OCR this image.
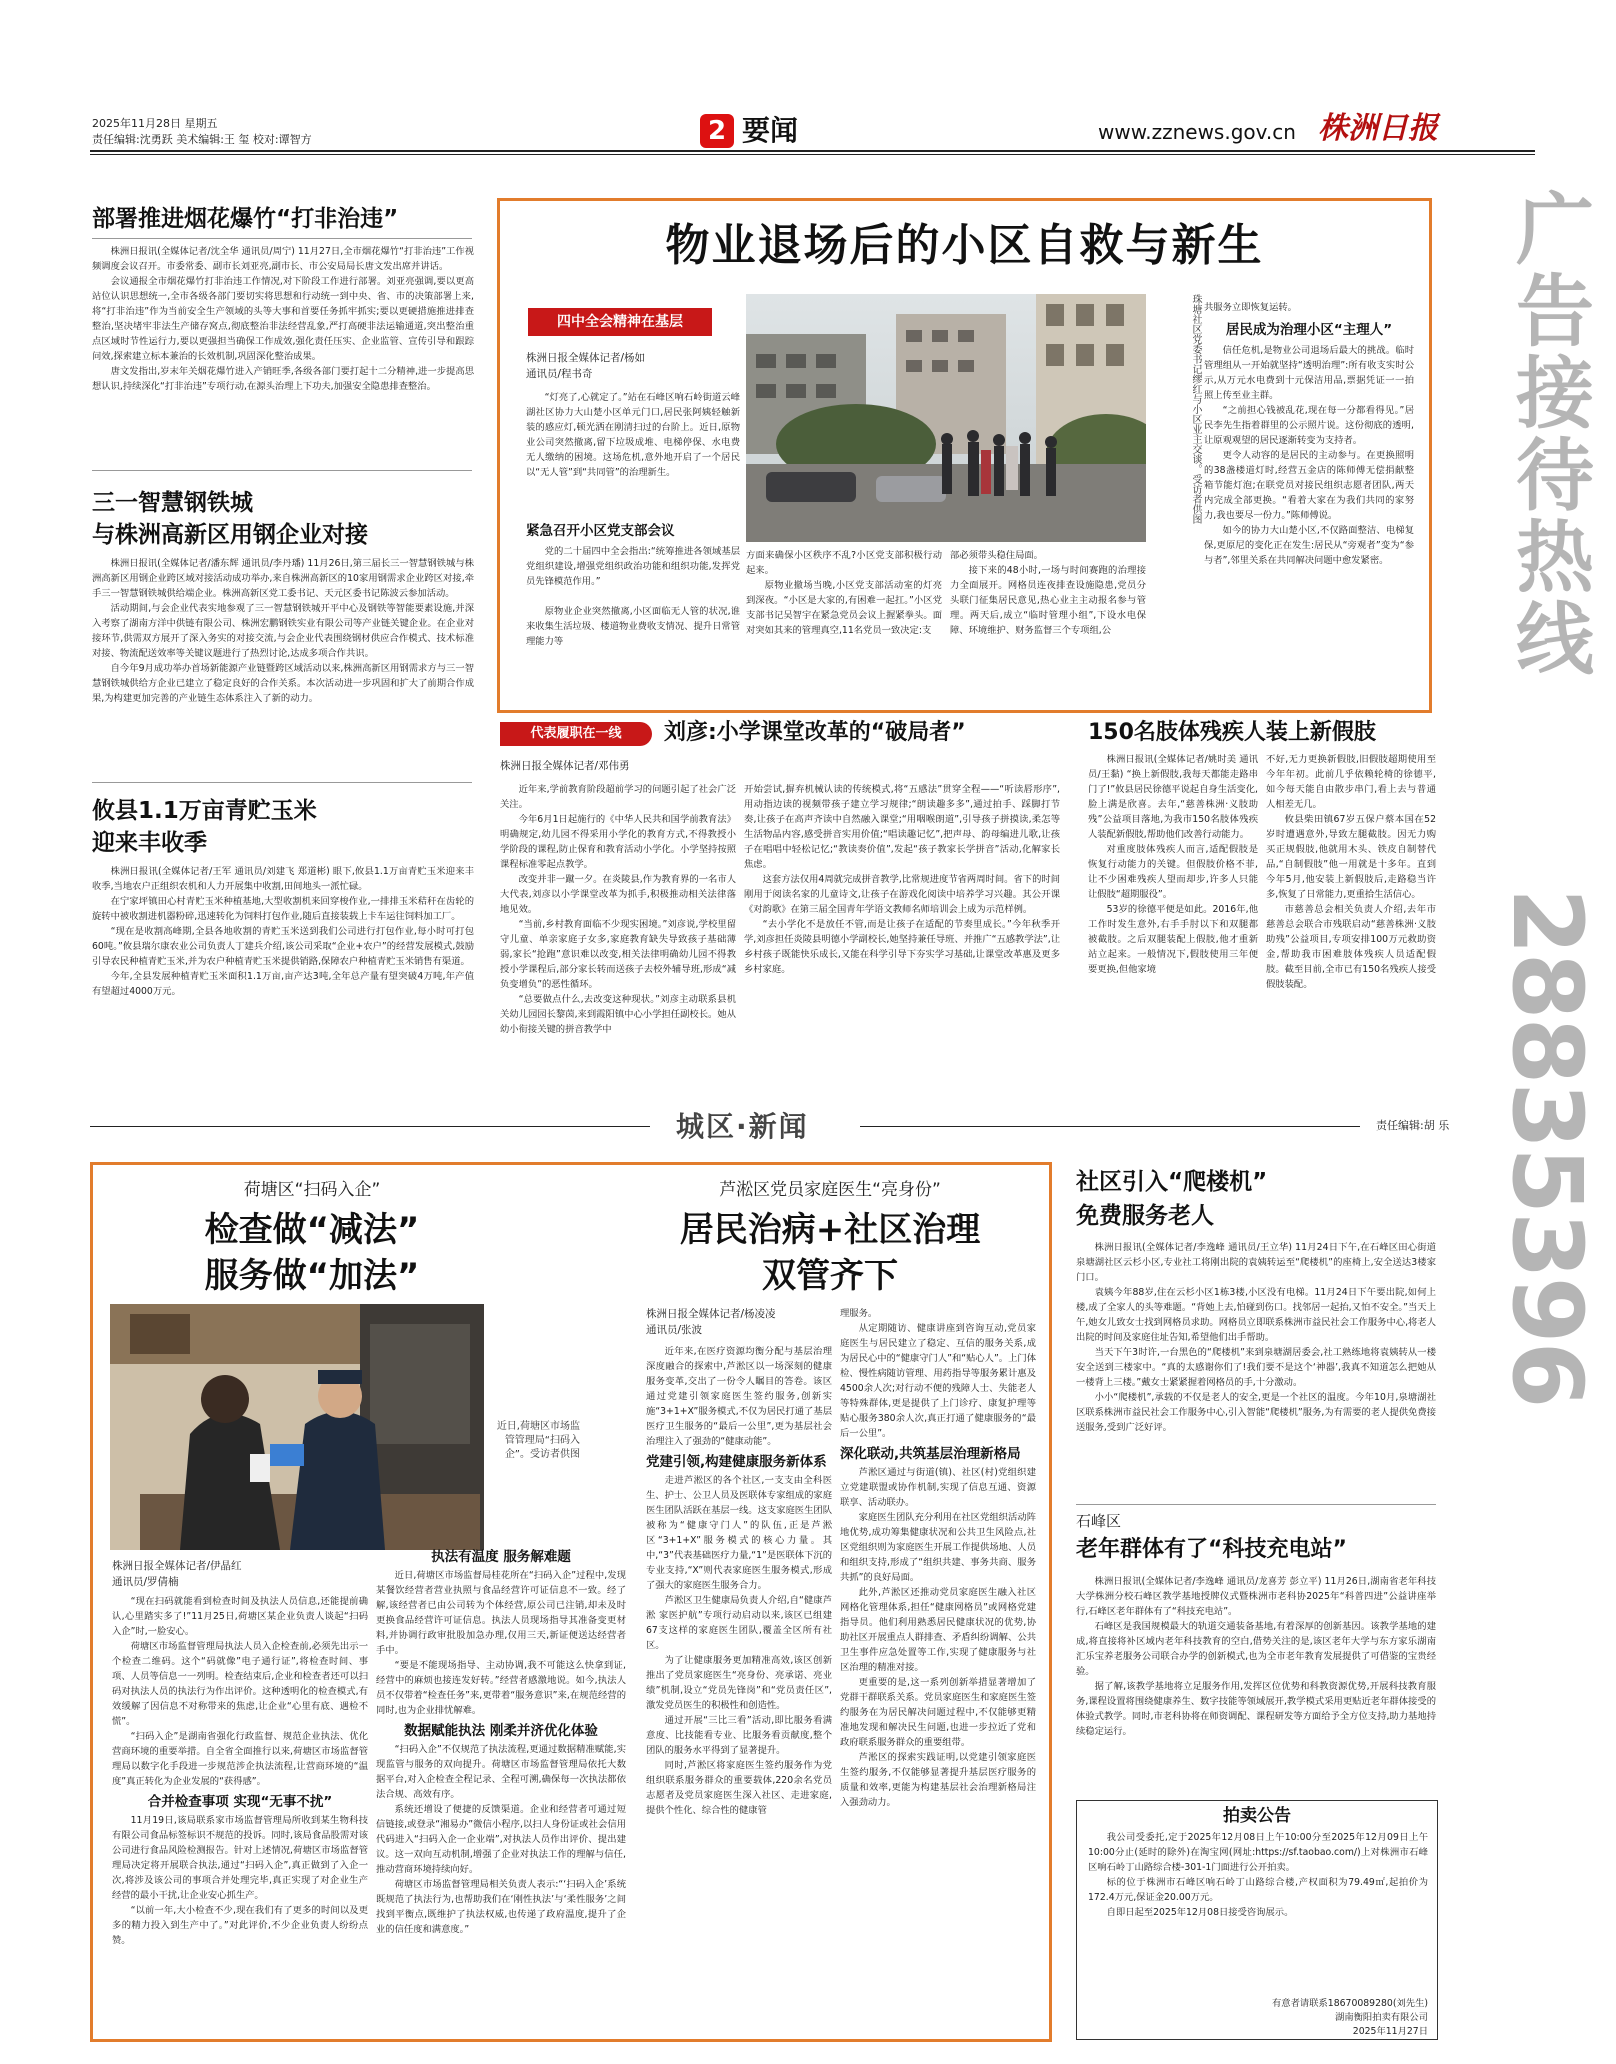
2025年11月28日 星期五
责任编辑:沈勇跃 美术编辑:王 玺 校对:谭智方	2 要闻	www.zznews.gov.cn 株洲日报
广告接待热线
28835396
部署推进烟花爆竹“打非治违”

株洲日报讯(全媒体记者/沈全华 通讯员/周宁) 11月27日,全市烟花爆竹“打非治违”工作视频调度会议召开。市委常委、副市长刘亚亮,副市长、市公安局局长唐文发出席并讲话。

会议通报全市烟花爆竹打非治违工作情况,对下阶段工作进行部署。刘亚亮强调,要以更高站位认识思想统一,全市各级各部门要切实将思想和行动统一到中央、省、市的决策部署上来,将“打非治违”作为当前安全生产领域的头等大事和首要任务抓牢抓实;要以更硬措施推进排查整治,坚决堵牢非法生产储存窝点,彻底整治非法经营乱象,严打高硬非法运输通道,突出整治重点区域时节性运行力,要以更强担当确保工作成效,强化责任压实、企业监管、宣传引导和跟踪问效,探索建立标本兼治的长效机制,巩固深化整治成果。

唐文发指出,岁末年关烟花爆竹进入产销旺季,各级各部门要打起十二分精神,进一步提高思想认识,持续深化“打非治违”专项行动,在源头治理上下功夫,加强安全隐患排查整治。

三一智慧钢铁城
与株洲高新区用钢企业对接

株洲日报讯(全媒体记者/潘东辉 通讯员/李丹璠) 11月26日,第三届长三一智慧钢铁城与株洲高新区用钢企业跨区域对接活动成功举办,来自株洲高新区的10家用钢需求企业跨区对接,牵手三一智慧钢铁城供给端企业。株洲高新区党工委书记、天元区委书记陈波云参加活动。

活动期间,与会企业代表实地参观了三一智慧钢铁城开平中心及钢铁等智能要素设施,并深入考察了湖南方洋中供链有限公司、株洲宏鹏钢铁实业有限公司等产业链关键企业。在企业对接环节,供需双方展开了深入务实的对接交流,与会企业代表围绕钢材供应合作模式、技术标准对接、物流配送效率等关键议题进行了热烈讨论,达成多项合作共识。

自今年9月成功举办首场新能源产业链暨跨区域活动以来,株洲高新区用钢需求方与三一智慧钢铁城供给方企业已建立了稳定良好的合作关系。本次活动进一步巩固和扩大了前期合作成果,为构建更加完善的产业链生态体系注入了新的动力。

攸县1.1万亩青贮玉米
迎来丰收季

株洲日报讯(全媒体记者/王军 通讯员/刘建飞 郑道彬) 眼下,攸县1.1万亩青贮玉米迎来丰收季,当地农户正组织农机和人力开展集中收割,田间地头一派忙碌。

在宁家坪镇田心村青贮玉米种植基地,大型收割机来回穿梭作业,一排排玉米秸秆在齿轮的旋转中被收割进机器粉碎,迅速转化为饲料打包作业,随后直接装载上卡车运往饲料加工厂。

“现在是收割高峰期,全县各地收割的青贮玉米送到我们公司进行打包作业,每小时可打包60吨。”攸县瑞尔康农业公司负责人丁建兵介绍,该公司采取“企业+农户”的经营发展模式,鼓励引导农民种植青贮玉米,并为农户种植青贮玉米提供销路,保障农户种植青贮玉米销售有渠道。

今年,全县发展种植青贮玉米面积1.1万亩,亩产达3吨,全年总产量有望突破4万吨,年产值有望超过4000万元。

物业退场后的小区自救与新生
四中全会精神在基层
株洲日报全媒体记者/杨如
通讯员/程书奇	珠塘社区党委书记缪红与小区业主交谈。受访者供图

“灯亮了,心就定了。”站在石峰区响石岭街道云峰湖社区协力大山楚小区单元门口,居民张阿姨轻触新装的感应灯,顿光洒在刚清扫过的台阶上。近日,原物业公司突然撤离,留下垃圾成堆、电梯停保、水电费无人缴纳的困境。这场危机,意外地开启了一个居民以“无人管”到“共同管”的治理新生。

紧急召开小区党支部会议

党的二十届四中全会指出:“统筹推进各领域基层党组织建设,增强党组织政治功能和组织功能,发挥党员先锋模范作用。”

原物业企业突然撤离,小区面临无人管的状况,谁来收集生活垃圾、楼道物业费收支情况、提升日常管理能力等

方面来确保小区秩序不乱?小区党支部积极行动起来。

原物业撤场当晚,小区党支部活动室的灯亮到深夜。“小区是大家的,有困难一起扛。”小区党支部书记吴智宇在紧急党员会议上握紧拳头。面对突如其来的管理真空,11名党员一致决定:支

部必须带头稳住局面。

接下来的48小时,一场与时间赛跑的治理接力全面展开。网格员连夜排查设施隐患,党员分头联门征集居民意见,热心业主主动报名参与管理。两天后,成立“临时管理小组”,下设水电保障、环境维护、财务监督三个专项组,公

共服务立即恢复运转。

居民成为治理小区“主理人”

信任危机,是物业公司退场后最大的挑战。临时管理组从一开始就坚持“透明治理”:所有收支实时公示,从万元水电费到十元保洁用品,票据凭证一一拍照上传至业主群。

“之前担心钱被乱花,现在每一分都看得见。”居民李先生指着群里的公示照片说。这份彻底的透明,让原观观望的居民逐渐转变为支持者。

更令人动容的是居民的主动参与。在更换照明的38盏楼道灯时,经营五金店的陈师傅无偿捐献整箱节能灯泡;在联党员对接民组织志愿者团队,两天内完成全部更换。“看着大家在为我们共同的家努力,我也要尽一份力。”陈师傅说。

如今的协力大山楚小区,不仅路面整洁、电梯复保,更原尼的变化正在发生:居民从“旁观者”变为“参与者”,邻里关系在共同解决问题中愈发紧密。

代表履职在一线	刘彦:小学课堂改革的“破局者”
株洲日报全媒体记者/邓伟勇

近年来,学前教育阶段超前学习的问题引起了社会广泛关注。

今年6月1日起施行的《中华人民共和国学前教育法》明确规定,幼儿园不得采用小学化的教育方式,不得教授小学阶段的课程,防止保育和教育活动小学化。小学坚持按照课程标准零起点教学。

改变并非一蹴一夕。在炎陵县,作为教育界的一名市人大代表,刘彦以小学课堂改革为抓手,积极推动相关法律落地见效。

“当前,乡村教育面临不少现实困境。”刘彦说,学校里留守儿童、单亲家庭子女多,家庭教育缺失导致孩子基础薄弱,家长“抢跑”意识难以改变,相关法律明确幼儿园不得教授小学课程后,部分家长转而送孩子去校外辅导班,形成“减负变增负”的恶性循环。

“总要做点什么,去改变这种现状。”刘彦主动联系县机关幼儿园园长黎茵,来到霞阳镇中心小学担任副校长。她从幼小衔接关键的拼音教学中

开始尝试,摒弃机械认读的传统模式,将“五感法”贯穿全程——“听读唇形序”,用动指边读的视频带孩子建立学习规律;“朗读趣多多”,通过拍手、踩脚打节奏,让孩子在高声齐读中自然融入课堂;“用咽喉朗道”,引导孩子拼摸读,柔怎等生活物品内容,感受拼音实用价值;“唱读趣记忆”,把声母、韵母编进儿歌,让孩子在唱唱中轻松记忆;“教读奏价值”,发起“孩子教家长学拼音”活动,化解家长焦虑。

这套方法仅用4周就完成拼音教学,比常规进度节省两周时间。省下的时间刚用于阅读名家的儿童诗文,让孩子在游戏化阅读中培养学习兴趣。其公开课《对韵歌》在第三届全国青年学语文教师名师培训会上成为示范样例。

“去小学化不是放任不管,而是让孩子在适配的节奏里成长。”今年秋季开学,刘彦担任炎陵县明德小学副校长,她坚持兼任导班、并推广“五感教学法”,让乡村孩子既能快乐成长,又能在科学引导下夯实学习基础,让课堂改革惠及更多乡村家庭。

150名肢体残疾人装上新假肢

株洲日报讯(全媒体记者/姚时美 通讯员/王黏) “换上新假肢,我每天都能走路串门了!”攸县居民徐德平说起自身生活变化,脸上满是欣喜。去年,“慈善株洲·义肢助残”公益项目落地,为我市150名肢体残疾人装配新假肢,帮助他们改善行动能力。

对重度肢体残疾人而言,适配假肢是恢复行动能力的关键。但假肢价格不菲,让不少困难残疾人望而却步,许多人只能让假肢“超期服役”。

53岁的徐德平便是如此。2016年,他工作时发生意外,右手手肘以下和双腿都被截肢。之后双腿装配上假肢,他才重新站立起来。一般情况下,假肢使用三年便要更换,但他家境

不好,无力更换新假肢,旧假肢超期使用至今年年初。此前几乎依赖轮椅的徐德平,如今每天能自由散步串门,看上去与普通人相差无几。

攸县柴田镇67岁五保户蔡本国在52岁时遭遇意外,导致左腿截肢。因无力购买正规假肢,他就用木头、铁皮自制替代品,“自制假肢”他一用就是十多年。直到今年5月,他安装上新假肢后,走路稳当许多,恢复了日常能力,更重拾生活信心。

市慈善总会相关负责人介绍,去年市慈善总会联合市残联启动“慈善株洲·义肢助残”公益项目,专项安排100万元救助资金,帮助我市困难肢体残疾人员适配假肢。截至目前,全市已有150名残疾人接受假肢装配。

城区·新闻	责任编辑:胡 乐
荷塘区“扫码入企”
检查做“减法”
服务做“加法”
近日,荷塘区市场监管管理局“扫码入企”。受访者供图
株洲日报全媒体记者/伊晶红
通讯员/罗倩楠

“现在扫码就能看到检查时间及执法人员信息,还能提前确认,心里踏实多了!”11月25日,荷塘区某企业负责人谈起“扫码入企”时,一脸安心。

荷塘区市场监督管理局执法人员入企检查前,必须先出示一个检查二维码。这个“码就像”电子通行证”,将检查时间、事项、人员等信息一一列明。检查结束后,企业和检查者还可以扫码对执法人员的执法行为作出评价。这种透明化的检查模式,有效缓解了因信息不对称带来的焦虑,让企业“心里有底、遇检不慌”。

“扫码入企”是湖南省强化行政监督、规范企业执法、优化营商环境的重要举措。自全省全面推行以来,荷塘区市场监督管理局以数字化手段进一步规范涉企执法流程,让营商环境的“温度”真正转化为企业发展的“获得感”。

合并检查事项 实现“无事不扰”

11月19日,该局联系家市场监督管理局所收到某生物科技有限公司食品标签标识不规范的投诉。同时,该局食品股需对该公司进行食品风险检测报告。针对上述情况,荷塘区市场监督管理局决定将开展联合执法,通过“扫码入企”,真正做到了入企一次,将涉及该公司的事项合并处理完毕,真正实现了对企业生产经营的最小干扰,让企业安心抓生产。

“以前一年,大小检查不少,现在我们有了更多的时间以及更多的精力投入到生产中了。”对此评价,不少企业负责人纷纷点赞。

执法有温度 服务解难题

近日,荷塘区市场监督局桂花所在“扫码入企”过程中,发现某餐饮经营者营业执照与食品经营许可证信息不一致。经了解,该经营者已由公司转为个体经营,原公司已注销,却未及时更换食品经营许可证信息。执法人员现场指导其准备变更材料,并协调行政审批股加急办理,仅用三天,新证便送达经营者手中。

“要是不能现场指导、主动协调,我不可能这么快拿到证,经营中的麻烦也接连发好转。”经营者感激地说。如今,执法人员不仅带着“检查任务”来,更带着“服务意识”来,在规范经营的同时,也为企业排忧解难。

数据赋能执法 刚柔并济优化体验

“扫码入企”不仅规范了执法流程,更通过数据精准赋能,实现监管与服务的双向提升。荷塘区市场监督管理局依托大数据平台,对入企检查全程记录、全程可溯,确保每一次执法都依法合规、高效有序。

系统还增设了便捷的反馈渠道。企业和经营者可通过短信链接,或登录“湘易办”微信小程序,以扫人身份证或社会信用代码进入“扫码入企一企业端”,对执法人员作出评价、提出建议。这一双向互动机制,增强了企业对执法工作的理解与信任,推动营商环境持续向好。

荷塘区市场监督管理局相关负责人表示:“‘扫码入企’系统既规范了执法行为,也帮助我们在‘刚性执法’与‘柔性服务’之间找到平衡点,既维护了执法权威,也传递了政府温度,提升了企业的信任度和满意度。”

芦淞区党员家庭医生“亮身份”
居民治病+社区治理
双管齐下
株洲日报全媒体记者/杨凌凌
通讯员/张波

近年来,在医疗资源均衡分配与基层治理深度融合的探索中,芦淞区以一场深刻的健康服务变革,交出了一份令人瞩目的答卷。该区通过党建引领家庭医生签约服务,创新实施“3+1+X”服务模式,不仅为居民打通了基层医疗卫生服务的“最后一公里”,更为基层社会治理注入了强劲的“健康动能”。

党建引领,构建健康服务新体系

走进芦淞区的各个社区,一支支由全科医生、护士、公卫人员及医联体专家组成的家庭医生团队活跃在基层一线。这支家庭医生团队被称为“健康守门人”的队伍,正是芦淞区“3+1+X”服务模式的核心力量。其中,“3”代表基础医疗力量,“1”是医联体下沉的专业支持,“X”则代表家庭医生服务模式,形成了强大的家庭医生服务合力。

芦淞区卫生健康局负责人介绍,自“健康芦淞 家医护航”专项行动启动以来,该区已组建67支这样的家庭医生团队,覆盖全区所有社区。

为了让健康服务更加精准高效,该区创新推出了党员家庭医生“亮身份、亮承诺、亮业绩”机制,设立“党员先锋岗”和“党员责任区”,激发党员医生的积极性和创造性。

通过开展“三比三看”活动,即比服务看满意度、比技能看专业、比服务看贡献度,整个团队的服务水平得到了显著提升。

同时,芦淞区将家庭医生签约服务作为党组织联系服务群众的重要载体,220余名党员志愿者及党员家庭医生深入社区、走进家庭,提供个性化、综合性的健康管

理服务。

从定期随访、健康讲座到咨询互动,党员家庭医生与居民建立了稳定、互信的服务关系,成为居民心中的“健康守门人”和“贴心人”。上门体检、慢性病随访管理、用药指导等服务累计惠及4500余人次;对行动不便的残障人士、失能老人等特殊群体,更是提供了上门诊疗、康复护理等贴心服务380余人次,真正打通了健康服务的“最后一公里”。

深化联动,共筑基层治理新格局

芦淞区通过与街道(镇)、社区(村)党组织建立党建联盟或协作机制,实现了信息互通、资源联享、活动联办。

家庭医生团队充分利用在社区党组织活动阵地优势,成功筹集健康状况和公共卫生风险点,社区党组织则为家庭医生开展工作提供场地、人员和组织支持,形成了“组织共建、事务共商、服务共抓”的良好局面。

此外,芦淞区还推动党员家庭医生融入社区网格化管理体系,担任“健康网格员”或网格党建指导员。他们利用熟悉居民健康状况的优势,协助社区开展重点人群排查、矛盾纠纷调解、公共卫生事件应急处置等工作,实现了健康服务与社区治理的精准对接。

更重要的是,这一系列创新举措显著增加了党群干群联系关系。党员家庭医生和家庭医生签约服务在为居民解决问题过程中,不仅能够更精准地发现和解决民生问题,也进一步拉近了党和政府联系服务群众的重要组带。

芦淞区的探索实践证明,以党建引领家庭医生签约服务,不仅能够显著提升基层医疗服务的质量和效率,更能为构建基层社会治理新格局注入强劲动力。

社区引入“爬楼机”
免费服务老人

株洲日报讯(全媒体记者/李逸峰 通讯员/王立华) 11月24日下午,在石峰区田心街道泉塘湖社区云杉小区,专业社工将刚出院的袁姨转运至“爬楼机”的座椅上,安全送达3楼家门口。

袁姨今年88岁,住在云杉小区1栋3楼,小区没有电梯。11月24日下午要出院,如何上楼,成了全家人的头等难题。“背她上去,怕碰到伤口。找邻居一起抬,又怕不安全。”当天上午,她女儿致女士找到网格员求助。网格员立即联系株洲市益民社会工作服务中心,将老人出院的时间及家庭住址告知,希望他们出手帮助。

当天下午3时许,一台黑色的“爬楼机”来到泉塘湖居委会,社工熟练地将袁姨转从一楼安全送到三楼家中。“真的太感谢你们了!我们要不是这个‘神器’,我真不知道怎么把她从一楼背上三楼。”戴女士紧紧握着网格员的手,十分激动。

小小“爬楼机”,承载的不仅是老人的安全,更是一个社区的温度。今年10月,泉塘湖社区联系株洲市益民社会工作服务中心,引入智能“爬楼机”服务,为有需要的老人提供免费接送服务,受到广泛好评。

石峰区
老年群体有了“科技充电站”

株洲日报讯(全媒体记者/李逸峰 通讯员/龙喜芳 彭立平) 11月26日,湖南省老年科技大学株洲分校石峰区教学基地授牌仪式暨株洲市老科协2025年“科普四进”公益讲座举行,石峰区老年群体有了“科技充电站”。

石峰区是我国规模最大的轨道交通装备基地,有着深厚的创新基因。该教学基地的建成,将直接将补区域内老年科技教育的空白,借势关注的是,该区老年大学与东方家乐湖南汇乐宝养老服务公司联合办学的创新模式,也为全市老年教育发展提供了可借鉴的宝贵经验。

据了解,该教学基地将立足服务作用,发挥区位优势和科教资源优势,开展科技教育服务,课程设置将围绕健康养生、数字技能等领域展开,教学模式采用更贴近老年群体接受的体验式教学。同时,市老科协将在师资调配、课程研发等方面给予全方位支持,助力基地持续稳定运行。

拍卖公告

我公司受委托,定于2025年12月08日上午10:00分至2025年12月09日上午10:00分止(延时的除外)在淘宝网(网址:https://sf.taobao.com/)上对株洲市石峰区响石岭丁山路综合楼-301-1门面进行公开拍卖。

标的位于株洲市石峰区响石岭丁山路综合楼,产权面积为79.49㎡,起拍价为172.4万元,保证金20.00万元。

自即日起至2025年12月08日接受咨询展示。

有意者请联系18670089280(刘先生)
湖南衡阳拍卖有限公司
2025年11月27日
